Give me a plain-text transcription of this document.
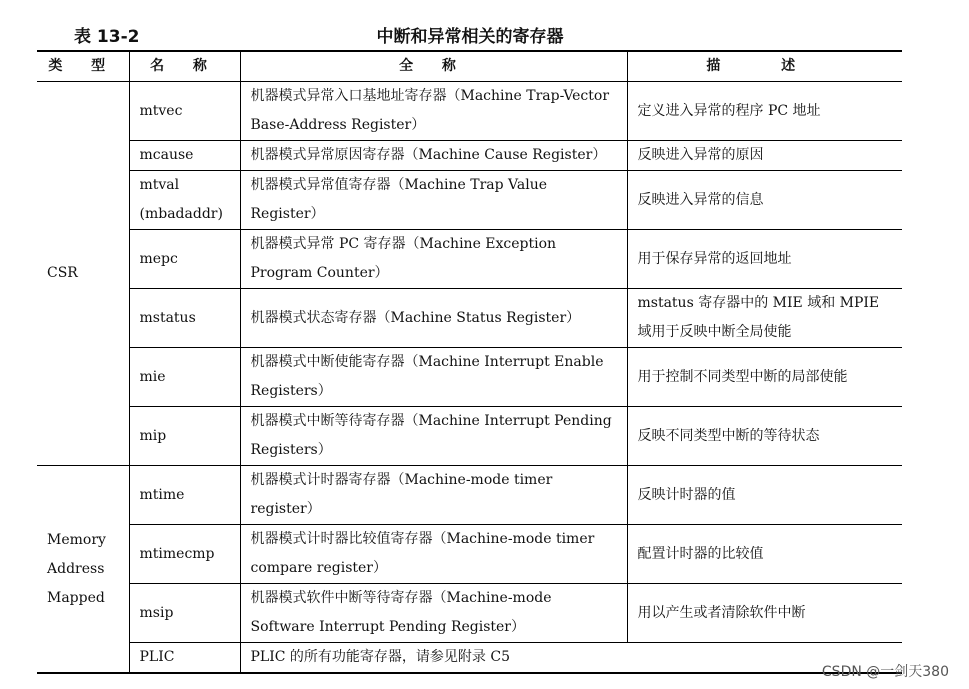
表 13-2	中断和异常相关的寄存器
类 型	名 称	全 称	描 述
CSR	mtvec	机器模式异常入口基地址寄存器（Machine Trap-Vector Base-Address Register）	定义进入异常的程序 PC 地址
	mcause	机器模式异常原因寄存器（Machine Cause Register）	反映进入异常的原因
	mtval (mbadaddr)	机器模式异常值寄存器（Machine Trap Value Register）	反映进入异常的信息
	mepc	机器模式异常 PC 寄存器（Machine Exception Program Counter）	用于保存异常的返回地址
	mstatus	机器模式状态寄存器（Machine Status Register）	mstatus 寄存器中的 MIE 域和 MPIE 域用于反映中断全局使能
	mie	机器模式中断使能寄存器（Machine Interrupt Enable Registers）	用于控制不同类型中断的局部使能
	mip	机器模式中断等待寄存器（Machine Interrupt Pending Registers）	反映不同类型中断的等待状态
Memory Address Mapped	mtime	机器模式计时器寄存器（Machine-mode timer register）	反映计时器的值
	mtimecmp	机器模式计时器比较值寄存器（Machine-mode timer compare register）	配置计时器的比较值
	msip	机器模式软件中断等待寄存器（Machine-mode Software Interrupt Pending Register）	用以产生或者清除软件中断
	PLIC	PLIC 的所有功能寄存器，请参见附录 C5	
CSDN @一剑天380
